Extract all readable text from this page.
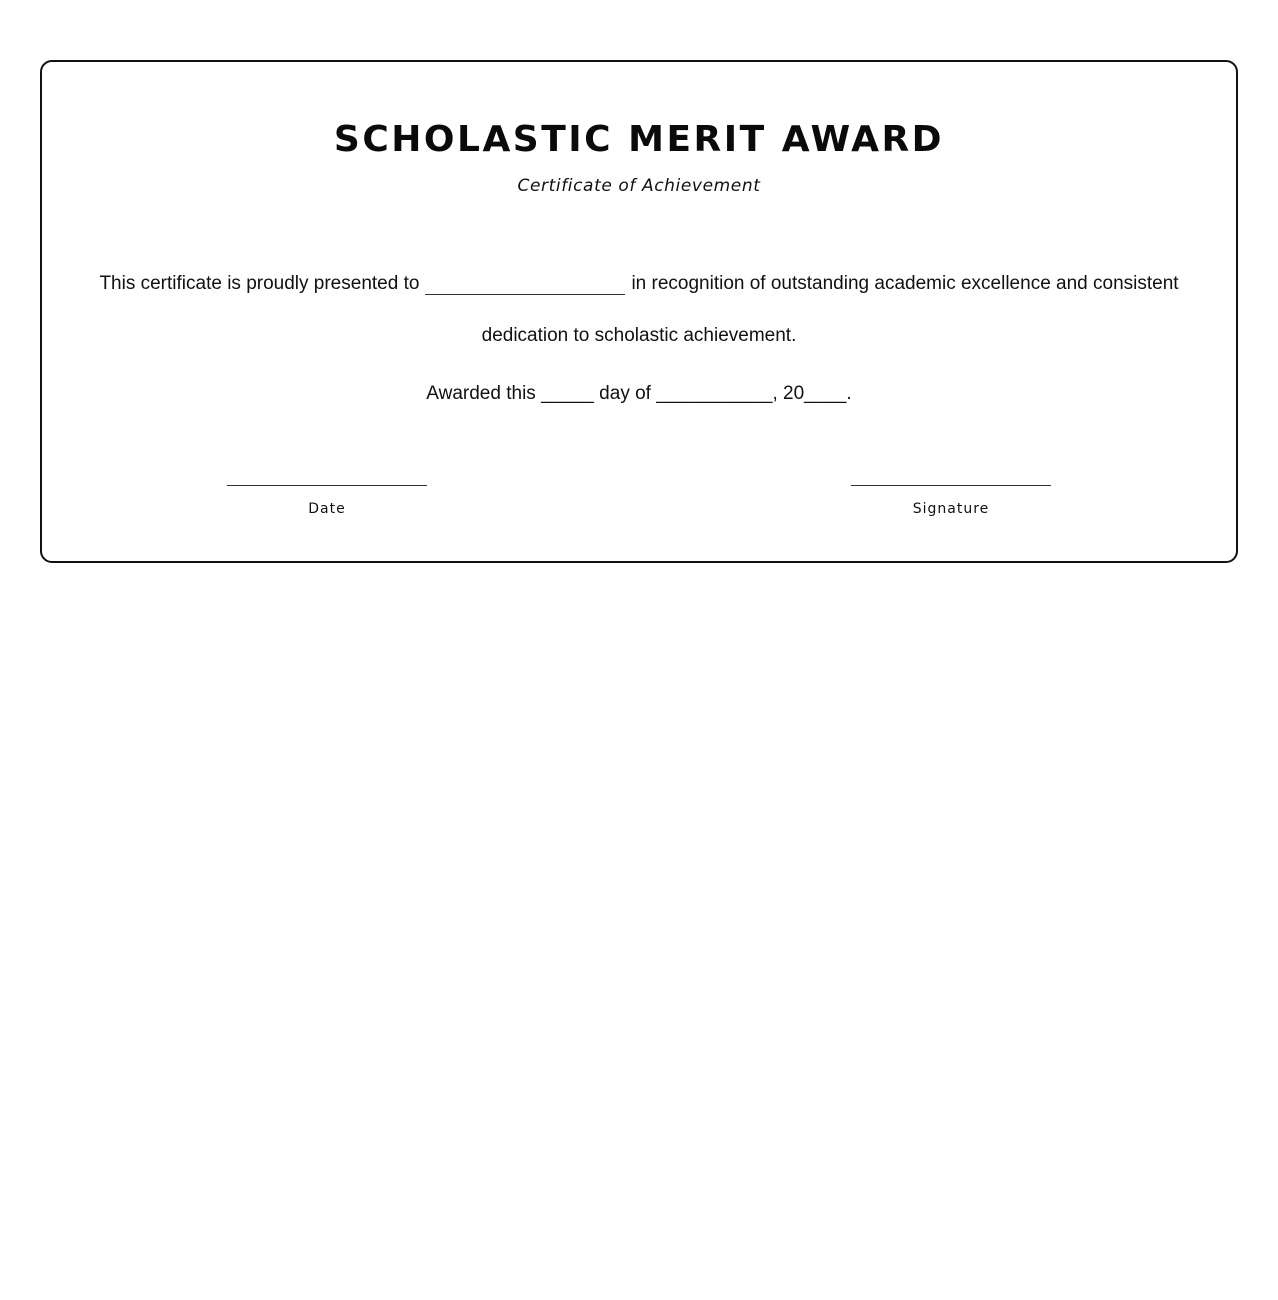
SCHOLASTIC MERIT AWARD
Certificate of Achievement
This certificate is proudly presented to	in recognition of outstanding academic excellence and consistent dedication to scholastic achievement.
Awarded this _____ day of ___________, 20____.
Date	Signature
